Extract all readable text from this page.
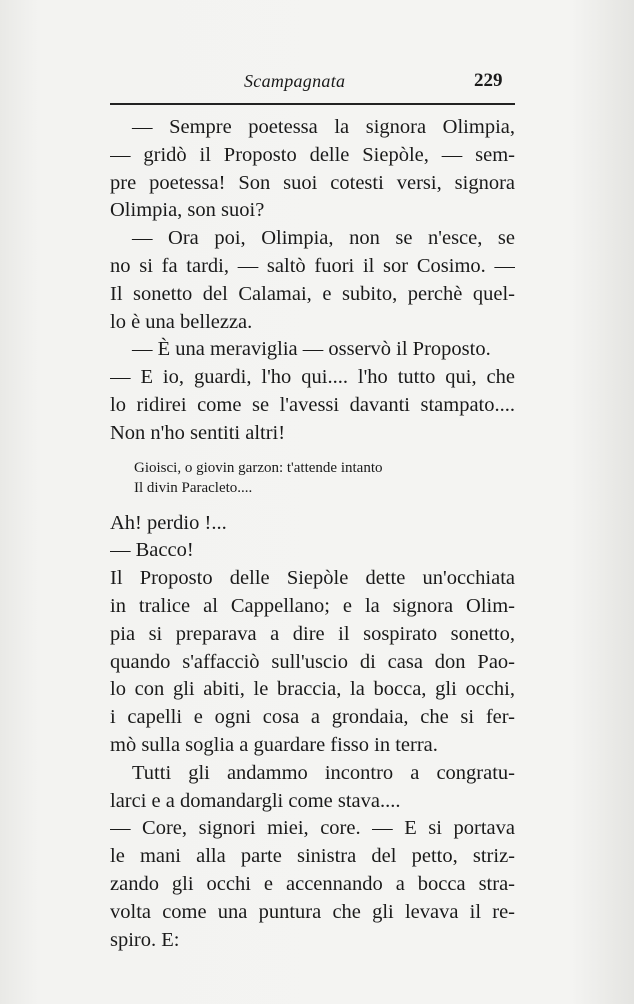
Scampagnata	229
— Sempre poetessa la signora Olimpia,
— gridò il Proposto delle Siepòle, — sem-
pre poetessa! Son suoi cotesti versi, signora
Olimpia, son suoi?
— Ora poi, Olimpia, non se n'esce, se
no si fa tardi, — saltò fuori il sor Cosimo. —
Il sonetto del Calamai, e subito, perchè quel-
lo è una bellezza.
— È una meraviglia — osservò il Proposto.
— E io, guardi, l'ho qui.... l'ho tutto qui, che
lo ridirei come se l'avessi davanti stampato....
Non n'ho sentiti altri!
Gioisci, o giovin garzon: t'attende intanto
Il divin Paracleto....
Ah! perdio !...
— Bacco!
Il Proposto delle Siepòle dette un'occhiata
in tralice al Cappellano; e la signora Olim-
pia si preparava a dire il sospirato sonetto,
quando s'affacciò sull'uscio di casa don Pao-
lo con gli abiti, le braccia, la bocca, gli occhi,
i capelli e ogni cosa a grondaia, che si fer-
mò sulla soglia a guardare fisso in terra.
Tutti gli andammo incontro a congratu-
larci e a domandargli come stava....
— Core, signori miei, core. — E si portava
le mani alla parte sinistra del petto, striz-
zando gli occhi e accennando a bocca stra-
volta come una puntura che gli levava il re-
spiro. E:
